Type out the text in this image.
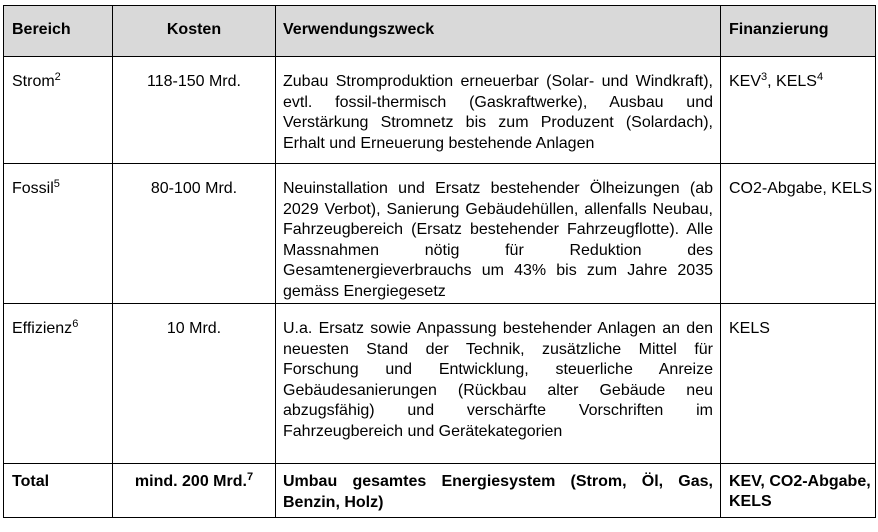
Bereich	Kosten	Verwendungszweck	Finanzierung
Strom$^2$	118-150 Mrd.	Zubau Stromproduktion erneuerbar (Solar- und Windkraft), evtl. fossil-thermisch (Gaskraftwerke), Ausbau und Verstärkung Stromnetz bis zum Produzent (Solardach), Erhalt und Erneuerung bestehende Anlagen	KEV$^3$, KELS$^4$
Fossil$^5$	80-100 Mrd.	Neuinstallation und Ersatz bestehender Ölheizungen (ab 2029 Verbot), Sanierung Gebäudehüllen, allenfalls Neubau, Fahrzeugbereich (Ersatz bestehender Fahrzeugflotte). Alle Massnahmen nötig für Reduktion des Gesamtenergieverbrauchs um 43% bis zum Jahre 2035 gemäss Energiegesetz	CO2-Abgabe, KELS
Effizienz$^6$	10 Mrd.	U.a. Ersatz sowie Anpassung bestehender Anlagen an den neuesten Stand der Technik, zusätzliche Mittel für Forschung und Entwicklung, steuerliche Anreize Gebäudesanierungen (Rückbau alter Gebäude neu abzugsfähig) und verschärfte Vorschriften im Fahrzeugbereich und Gerätekategorien	KELS
Total	mind. 200 Mrd.$^7$	Umbau gesamtes Energiesystem (Strom, Öl, Gas, Benzin, Holz)	KEV, CO2-Abgabe, KELS
